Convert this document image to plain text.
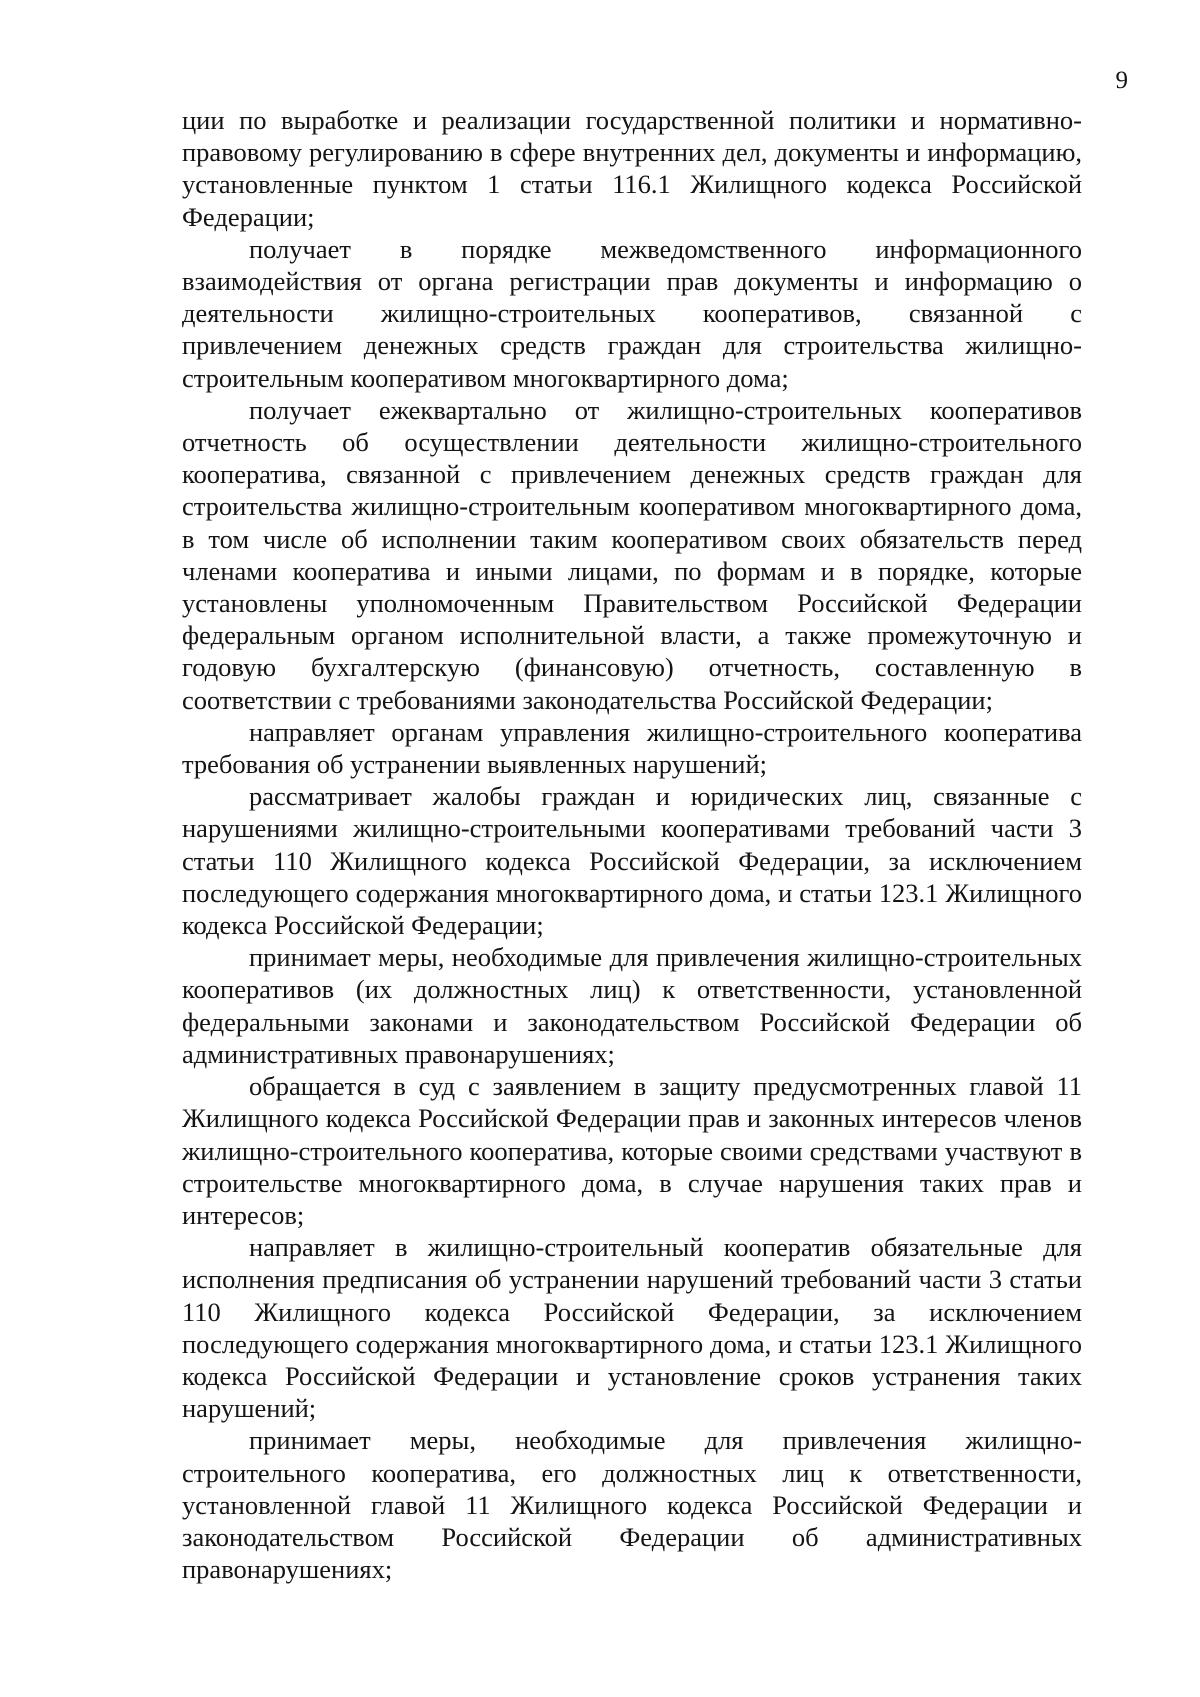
9

ции по выработке и реализации государственной политики и нормативно-правовому регулированию в сфере внутренних дел, документы и информацию, установленные пунктом 1 статьи 116.1 Жилищного кодекса Российской Федерации;

получает в порядке межведомственного информационного взаимодействия от органа регистрации прав документы и информацию о деятельности жилищно-строительных кооперативов, связанной с привлечением денежных средств граждан для строительства жилищно-строительным кооперативом многоквартирного дома;

получает ежеквартально от жилищно-строительных кооперативов отчетность об осуществлении деятельности жилищно-строительного кооператива, связанной с привлечением денежных средств граждан для строительства жилищно-строительным кооперативом многоквартирного дома, в том числе об исполнении таким кооперативом своих обязательств перед членами кооператива и иными лицами, по формам и в порядке, которые установлены уполномоченным Правительством Российской Федерации федеральным органом исполнительной власти, а также промежуточную и годовую бухгалтерскую (финансовую) отчетность, составленную в соответствии с требованиями законодательства Российской Федерации;

направляет органам управления жилищно-строительного кооператива требования об устранении выявленных нарушений;

рассматривает жалобы граждан и юридических лиц, связанные с нарушениями жилищно-строительными кооперативами требований части 3 статьи 110 Жилищного кодекса Российской Федерации, за исключением последующего содержания многоквартирного дома, и статьи 123.1 Жилищного кодекса Российской Федерации;

принимает меры, необходимые для привлечения жилищно-строительных кооперативов (их должностных лиц) к ответственности, установленной федеральными законами и законодательством Российской Федерации об административных правонарушениях;

обращается в суд с заявлением в защиту предусмотренных главой 11 Жилищного кодекса Российской Федерации прав и законных интересов членов жилищно-строительного кооператива, которые своими средствами участвуют в строительстве многоквартирного дома, в случае нарушения таких прав и интересов;

направляет в жилищно-строительный кооператив обязательные для исполнения предписания об устранении нарушений требований части 3 статьи 110 Жилищного кодекса Российской Федерации, за исключением последующего содержания многоквартирного дома, и статьи 123.1 Жилищного кодекса Российской Федерации и установление сроков устранения таких нарушений;

принимает меры, необходимые для привлечения жилищно-строительного кооператива, его должностных лиц к ответственности, установленной главой 11 Жилищного кодекса Российской Федерации и законодательством Российской Федерации об административных правонарушениях;
